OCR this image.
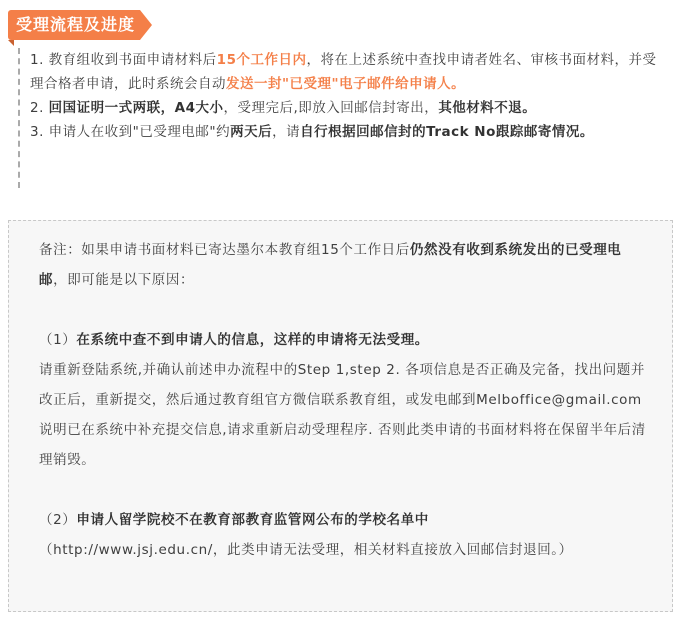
受理流程及进度

1. 教育组收到书面申请材料后15个工作日内，将在上述系统中查找申请者姓名、审核书面材料，并受理合格者申请，此时系统会自动发送一封"已受理"电子邮件给申请人。

2. 回国证明一式两联，A4大小，受理完后,即放入回邮信封寄出，其他材料不退。

3. 申请人在收到"已受理电邮"约两天后，请自行根据回邮信封的Track No跟踪邮寄情况。

备注：如果申请书面材料已寄达墨尔本教育组15个工作日后仍然没有收到系统发出的已受理电邮，即可能是以下原因：

（1）在系统中查不到申请人的信息，这样的申请将无法受理。

请重新登陆系统,并确认前述申办流程中的Step 1,step 2. 各项信息是否正确及完备，找出问题并改正后，重新提交，然后通过教育组官方微信联系教育组，或发电邮到Melboffice@gmail.com说明已在系统中补充提交信息,请求重新启动受理程序. 否则此类申请的书面材料将在保留半年后清理销毁。

（2）申请人留学院校不在教育部教育监管网公布的学校名单中

（http://www.jsj.edu.cn/，此类申请无法受理，相关材料直接放入回邮信封退回。）
